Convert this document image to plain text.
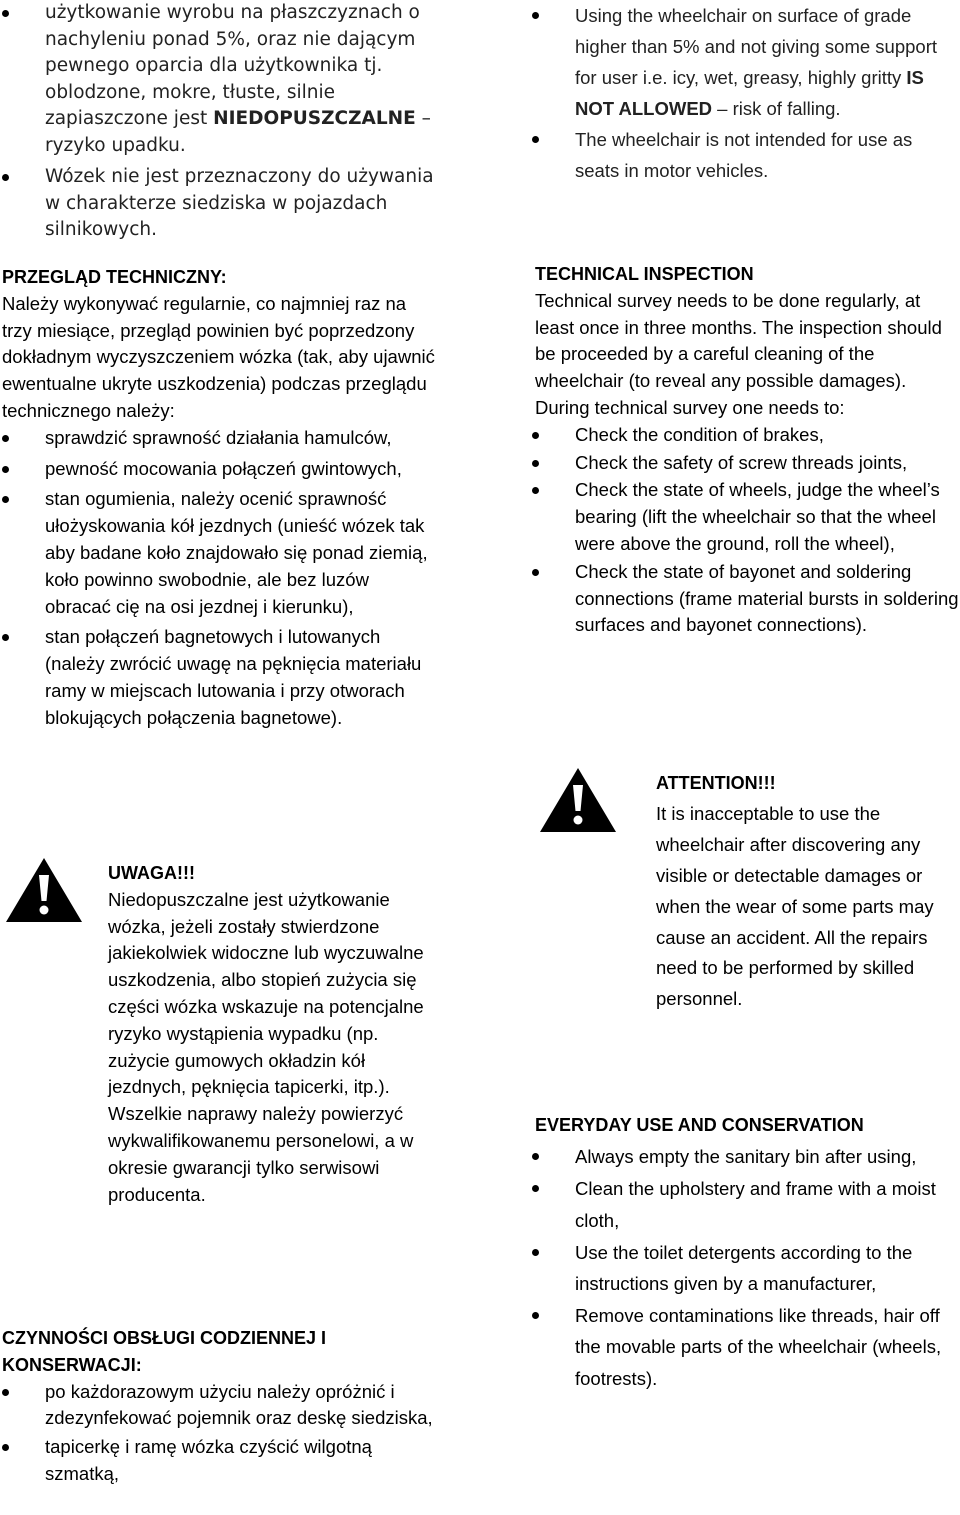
użytkowanie wyrobu na płaszczyznach o nachyleniu ponad 5%, oraz nie dającym pewnego oparcia dla użytkownika tj. oblodzone, mokre, tłuste, silnie zapiaszczone jest NIEDOPUSZCZALNE – ryzyko upadku.
Wózek nie jest przeznaczony do używania w charakterze siedziska w pojazdach silnikowych.

PRZEGLĄD TECHNICZNY:

Należy wykonywać regularnie, co najmniej raz na trzy miesiące, przegląd powinien być poprzedzony dokładnym wyczyszczeniem wózka (tak, aby ujawnić ewentualne ukryte uszkodzenia) podczas przeglądu technicznego należy:

sprawdzić sprawność działania hamulców,
pewność mocowania połączeń gwintowych,
stan ogumienia, należy ocenić sprawność ułożyskowania kół jezdnych (unieść wózek tak aby badane koło znajdowało się ponad ziemią, koło powinno swobodnie, ale bez luzów obracać cię na osi jezdnej i kierunku),
stan połączeń bagnetowych i lutowanych (należy zwrócić uwagę na pęknięcia materiału ramy w miejscach lutowania i przy otworach blokujących połączenia bagnetowe).

UWAGA!!!

Niedopuszczalne jest użytkowanie wózka, jeżeli zostały stwierdzone jakiekolwiek widoczne lub wyczuwalne uszkodzenia, albo stopień zużycia się części wózka wskazuje na potencjalne ryzyko wystąpienia wypadku (np. zużycie gumowych okładzin kół jezdnych, pęknięcia tapicerki, itp.). Wszelkie naprawy należy powierzyć wykwalifikowanemu personelowi, a w okresie gwarancji tylko serwisowi producenta.

CZYNNOŚCI OBSŁUGI CODZIENNEJ I KONSERWACJI:

po każdorazowym użyciu należy opróżnić i zdezynfekować pojemnik oraz deskę siedziska,
tapicerkę i ramę wózka czyścić wilgotną szmatką,
Using the wheelchair on surface of grade higher than 5% and not giving some support for user i.e. icy, wet, greasy, highly gritty IS NOT ALLOWED – risk of falling.
The wheelchair is not intended for use as seats in motor vehicles.

TECHNICAL INSPECTION

Technical survey needs to be done regularly, at least once in three months. The inspection should be proceeded by a careful cleaning of the wheelchair (to reveal any possible damages). During technical survey one needs to:

Check the condition of brakes,
Check the safety of screw threads joints,
Check the state of wheels, judge the wheel’s bearing (lift the wheelchair so that the wheel were above the ground, roll the wheel),
Check the state of bayonet and soldering connections (frame material bursts in soldering surfaces and bayonet connections).

ATTENTION!!!

It is inacceptable to use the wheelchair after discovering any visible or detectable damages or when the wear of some parts may cause an accident. All the repairs need to be performed by skilled personnel.

EVERYDAY USE AND CONSERVATION

Always empty the sanitary bin after using,
Clean the upholstery and frame with a moist cloth,
Use the toilet detergents according to the instructions given by a manufacturer,
Remove contaminations like threads, hair off the movable parts of the wheelchair (wheels, footrests).
